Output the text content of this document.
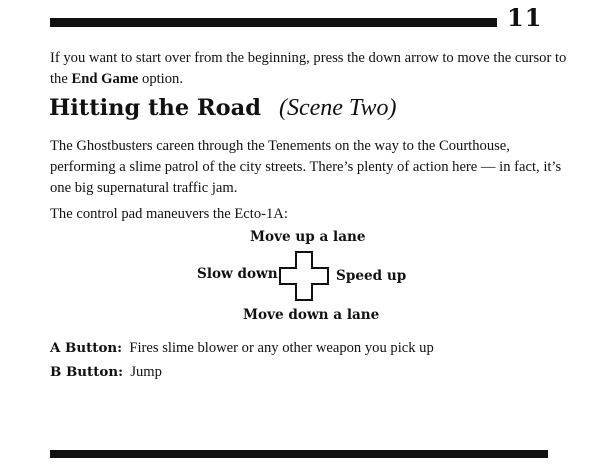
11

If you want to start over from the beginning, press the down arrow to move the cursor to the End Game option.

Hitting the Road (Scene Two)

The Ghostbusters careen through the Tenements on the way to the Courthouse, performing a slime patrol of the city streets. There’s plenty of action here — in fact, it’s one big supernatural traffic jam.

The control pad maneuvers the Ecto-1A:

Move up a lane
Slow down	Speed up
Move down a lane
A Button: Fires slime blower or any other weapon you pick up
B Button: Jump
